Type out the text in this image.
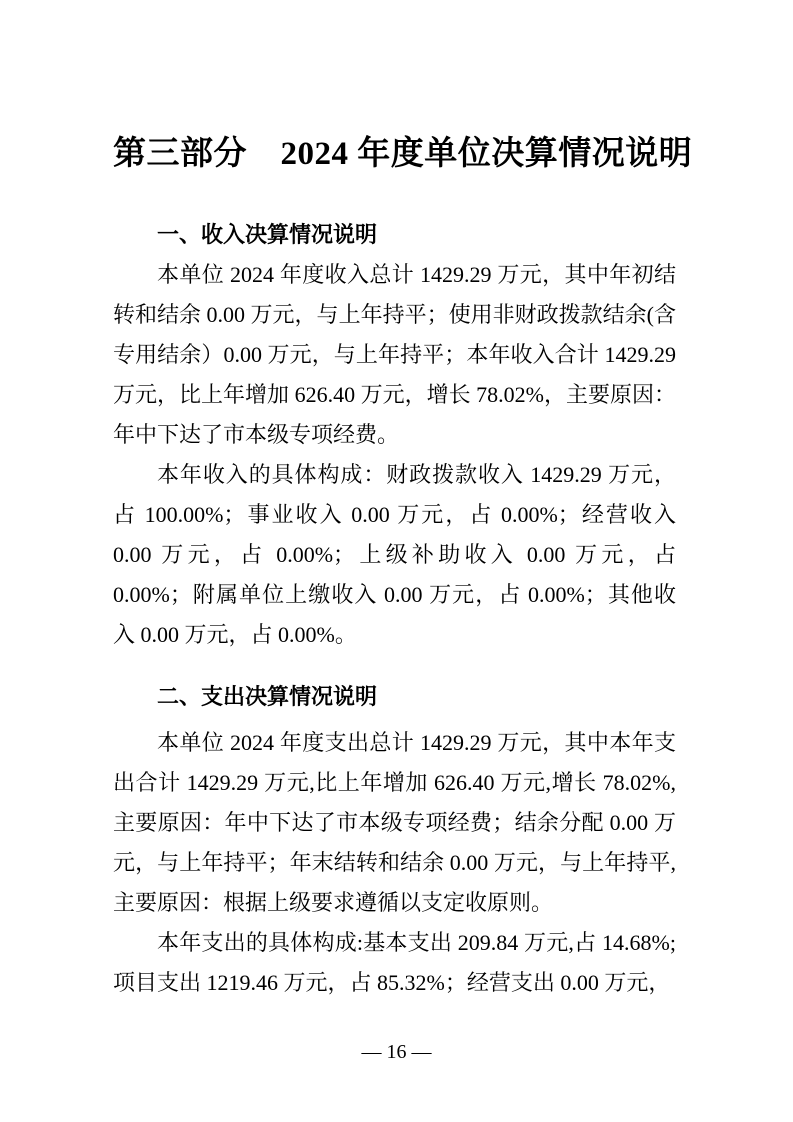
第三部分　2024 年度单位决算情况说明
一、收入决算情况说明

本单位 2024 年度收入总计 1429.29 万元，其中年初结转和结余 0.00 万元，与上年持平；使用非财政拨款结余(含专用结余）0.00 万元，与上年持平；本年收入合计 1429.29 万元，比上年增加 626.40 万元，增长 78.02%，主要原因：年中下达了市本级专项经费。

本年收入的具体构成：财政拨款收入 1429.29 万元，占 100.00%；事业收入 0.00 万元，占 0.00%；经营收入 0.00 万元，占 0.00%；上级补助收入 0.00 万元，占 0.00%；附属单位上缴收入 0.00 万元，占 0.00%；其他收入 0.00 万元，占 0.00%。

二、支出决算情况说明

本单位 2024 年度支出总计 1429.29 万元，其中本年支出合计 1429.29 万元,比上年增加 626.40 万元,增长 78.02%,主要原因：年中下达了市本级专项经费；结余分配 0.00 万元，与上年持平；年末结转和结余 0.00 万元，与上年持平,主要原因：根据上级要求遵循以支定收原则。

本年支出的具体构成:基本支出 209.84 万元,占 14.68%;项目支出 1219.46 万元，占 85.32%；经营支出 0.00 万元，

— 16 —
